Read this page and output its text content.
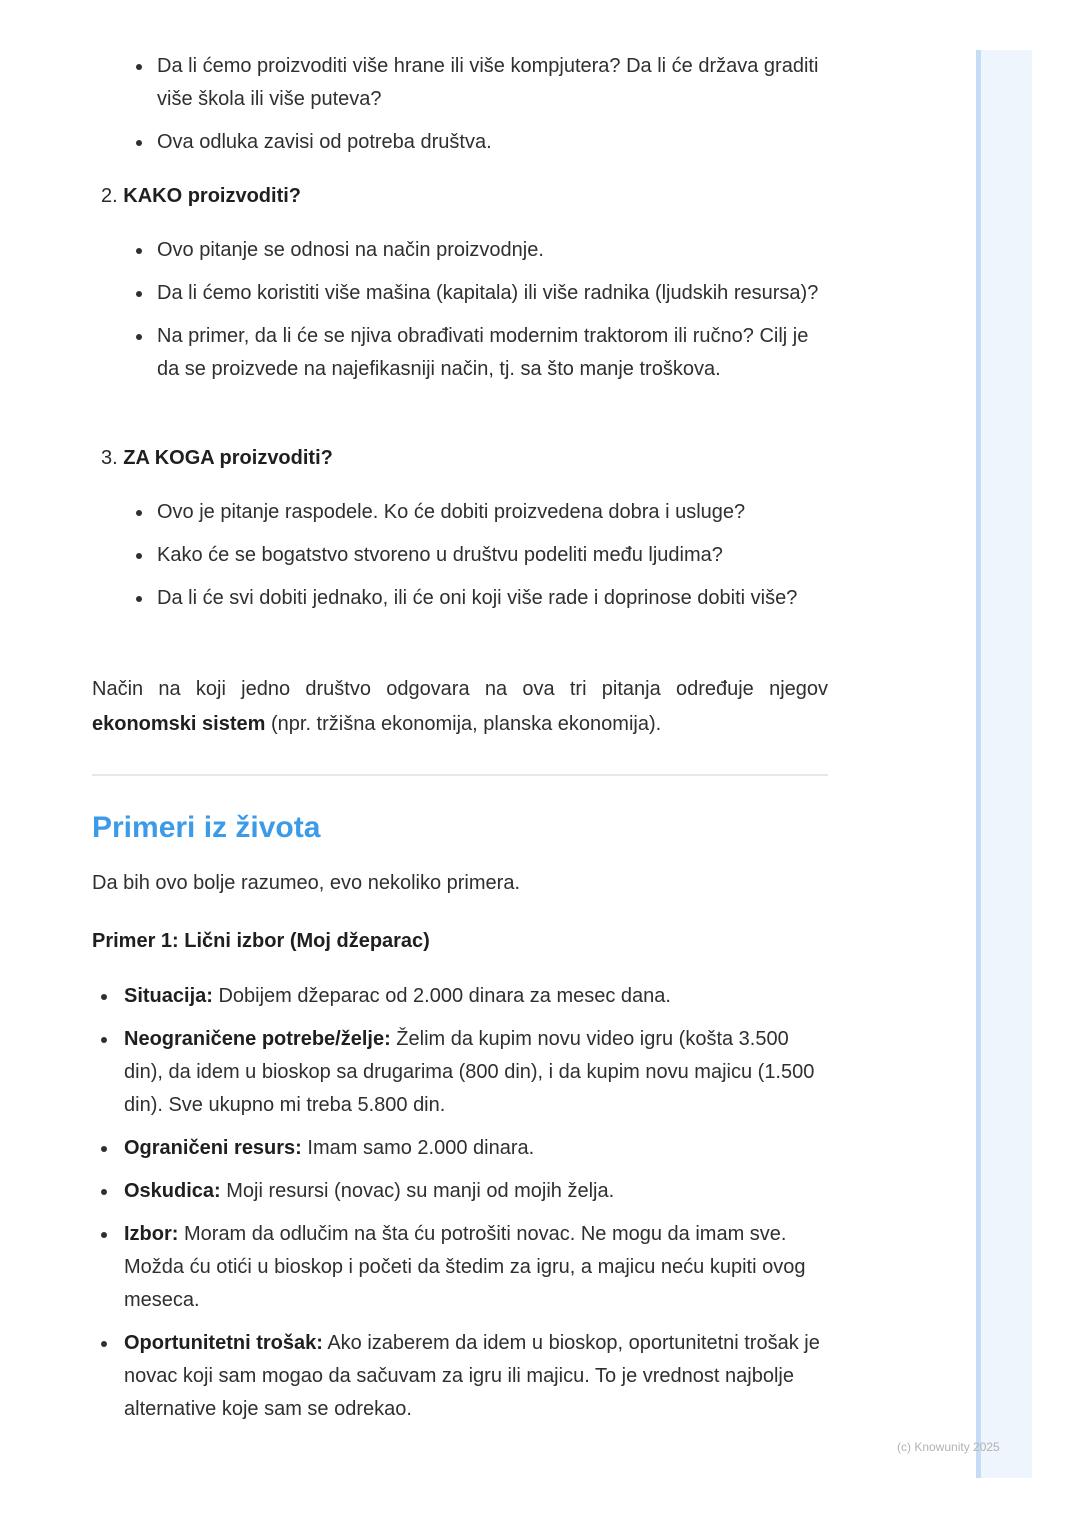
Da li ćemo proizvoditi više hrane ili više kompjutera? Da li će država graditi više škola ili više puteva?
Ova odluka zavisi od potreba društva.
2. KAKO proizvoditi?
Ovo pitanje se odnosi na način proizvodnje.
Da li ćemo koristiti više mašina (kapitala) ili više radnika (ljudskih resursa)?
Na primer, da li će se njiva obrađivati modernim traktorom ili ručno? Cilj je da se proizvede na najefikasniji način, tj. sa što manje troškova.
3. ZA KOGA proizvoditi?
Ovo je pitanje raspodele. Ko će dobiti proizvedena dobra i usluge?
Kako će se bogatstvo stvoreno u društvu podeliti među ljudima?
Da li će svi dobiti jednako, ili će oni koji više rade i doprinose dobiti više?

Način na koji jedno društvo odgovara na ova tri pitanja određuje njegov ekonomski sistem (npr. tržišna ekonomija, planska ekonomija).

Primeri iz života
Da bih ovo bolje razumeo, evo nekoliko primera.
Primer 1: Lični izbor (Moj džeparac)
Situacija: Dobijem džeparac od 2.000 dinara za mesec dana.
Neograničene potrebe/želje: Želim da kupim novu video igru (košta 3.500 din), da idem u bioskop sa drugarima (800 din), i da kupim novu majicu (1.500 din). Sve ukupno mi treba 5.800 din.
Ograničeni resurs: Imam samo 2.000 dinara.
Oskudica: Moji resursi (novac) su manji od mojih želja.
Izbor: Moram da odlučim na šta ću potrošiti novac. Ne mogu da imam sve. Možda ću otići u bioskop i početi da štedim za igru, a majicu neću kupiti ovog meseca.
Oportunitetni trošak: Ako izaberem da idem u bioskop, oportunitetni trošak je novac koji sam mogao da sačuvam za igru ili majicu. To je vrednost najbolje alternative koje sam se odrekao.
(c) Knowunity 2025
